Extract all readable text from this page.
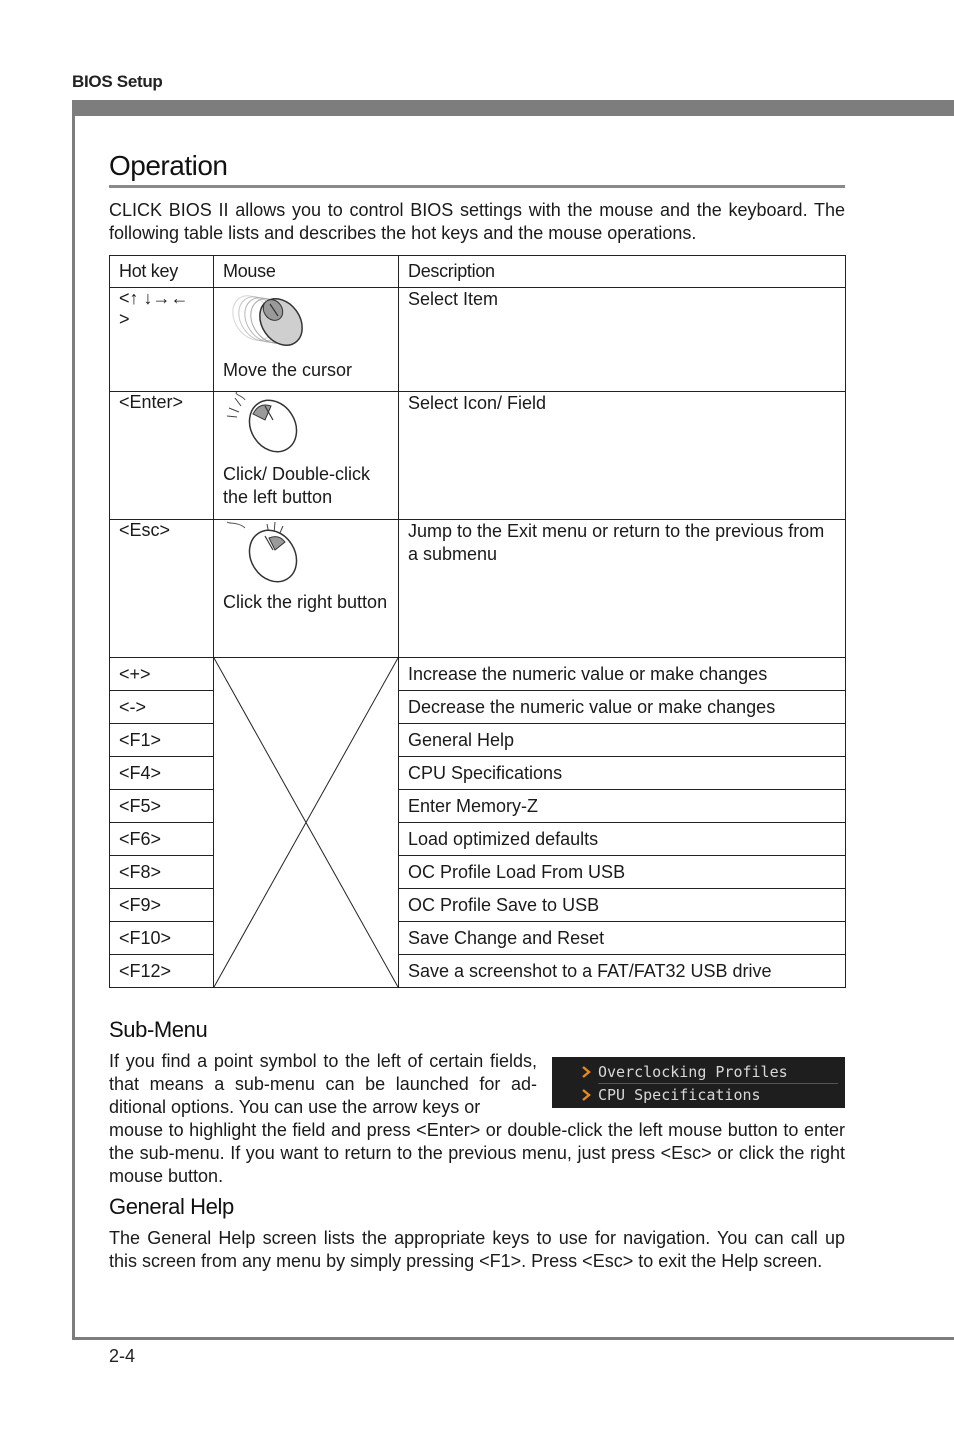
BIOS Setup
Operation

CLICK BIOS II allows you to control BIOS settings with the mouse and the keyboard. The following table lists and describes the hot keys and the mouse operations.

Hot key	Mouse	Description
<↑ ↓→← >	Move the cursor	Select Item
<Enter>	Click/ Double-click the left button	Select Icon/ Field
<Esc>	Click the right button	Jump to the Exit menu or return to the previous from a submenu
<+>		Increase the numeric value or make changes
<->		Decrease the numeric value or make changes
<F1>		General Help
<F4>		CPU Specifications
<F5>		Enter Memory-Z
<F6>		Load optimized defaults
<F8>		OC Profile Load From USB
<F9>		OC Profile Save to USB
<F10>		Save Change and Reset
<F12>		Save a screenshot to a FAT/FAT32 USB drive
Sub-Menu

If you find a point symbol to the left of certain fields, that means a sub-menu can be launched for ad-ditional options. You can use the arrow keys or

Overclocking Profiles
CPU Specifications

mouse to highlight the field and press <Enter> or double-click the left mouse button to enter the sub-menu. If you want to return to the previous menu, just press <Esc> or click the right mouse button.

General Help

The General Help screen lists the appropriate keys to use for navigation. You can call up this screen from any menu by simply pressing <F1>. Press <Esc> to exit the Help screen.

2-4
